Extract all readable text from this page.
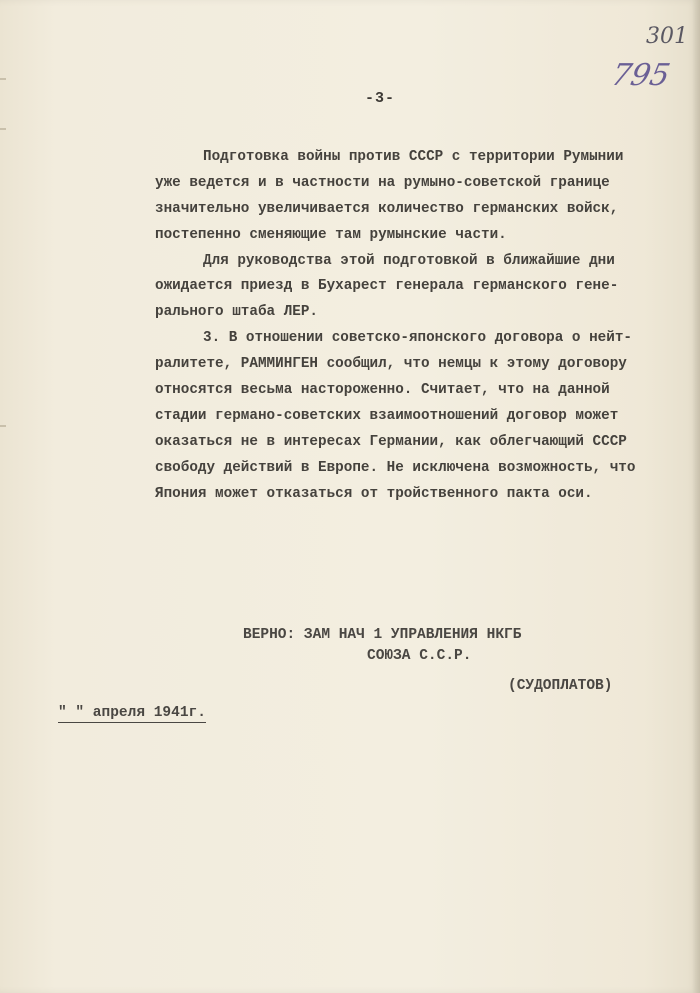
301
795
-3-
Подготовка войны против СССР с территории Румынии
уже ведется и в частности на румыно-советской границе
значительно увеличивается количество германских войск,
постепенно сменяющие там румынские части.
Для руководства этой подготовкой в ближайшие дни
ожидается приезд в Бухарест генерала германского гене-
рального штаба ЛЕР.
3. В отношении советско-японского договора о нейт-
ралитете, РАММИНГЕН сообщил, что немцы к этому договору
относятся весьма настороженно. Считает, что на данной
стадии германо-советских взаимоотношений договор может
оказаться не в интересах Германии, как облегчающий СССР
свободу действий в Европе. Не исключена возможность, что
Япония может отказаться от тройственного пакта оси.
ВЕРНО: ЗАМ НАЧ 1 УПРАВЛЕНИЯ НКГБ
СОЮЗА С.С.Р.
(СУДОПЛАТОВ)
" " апреля 1941г.
